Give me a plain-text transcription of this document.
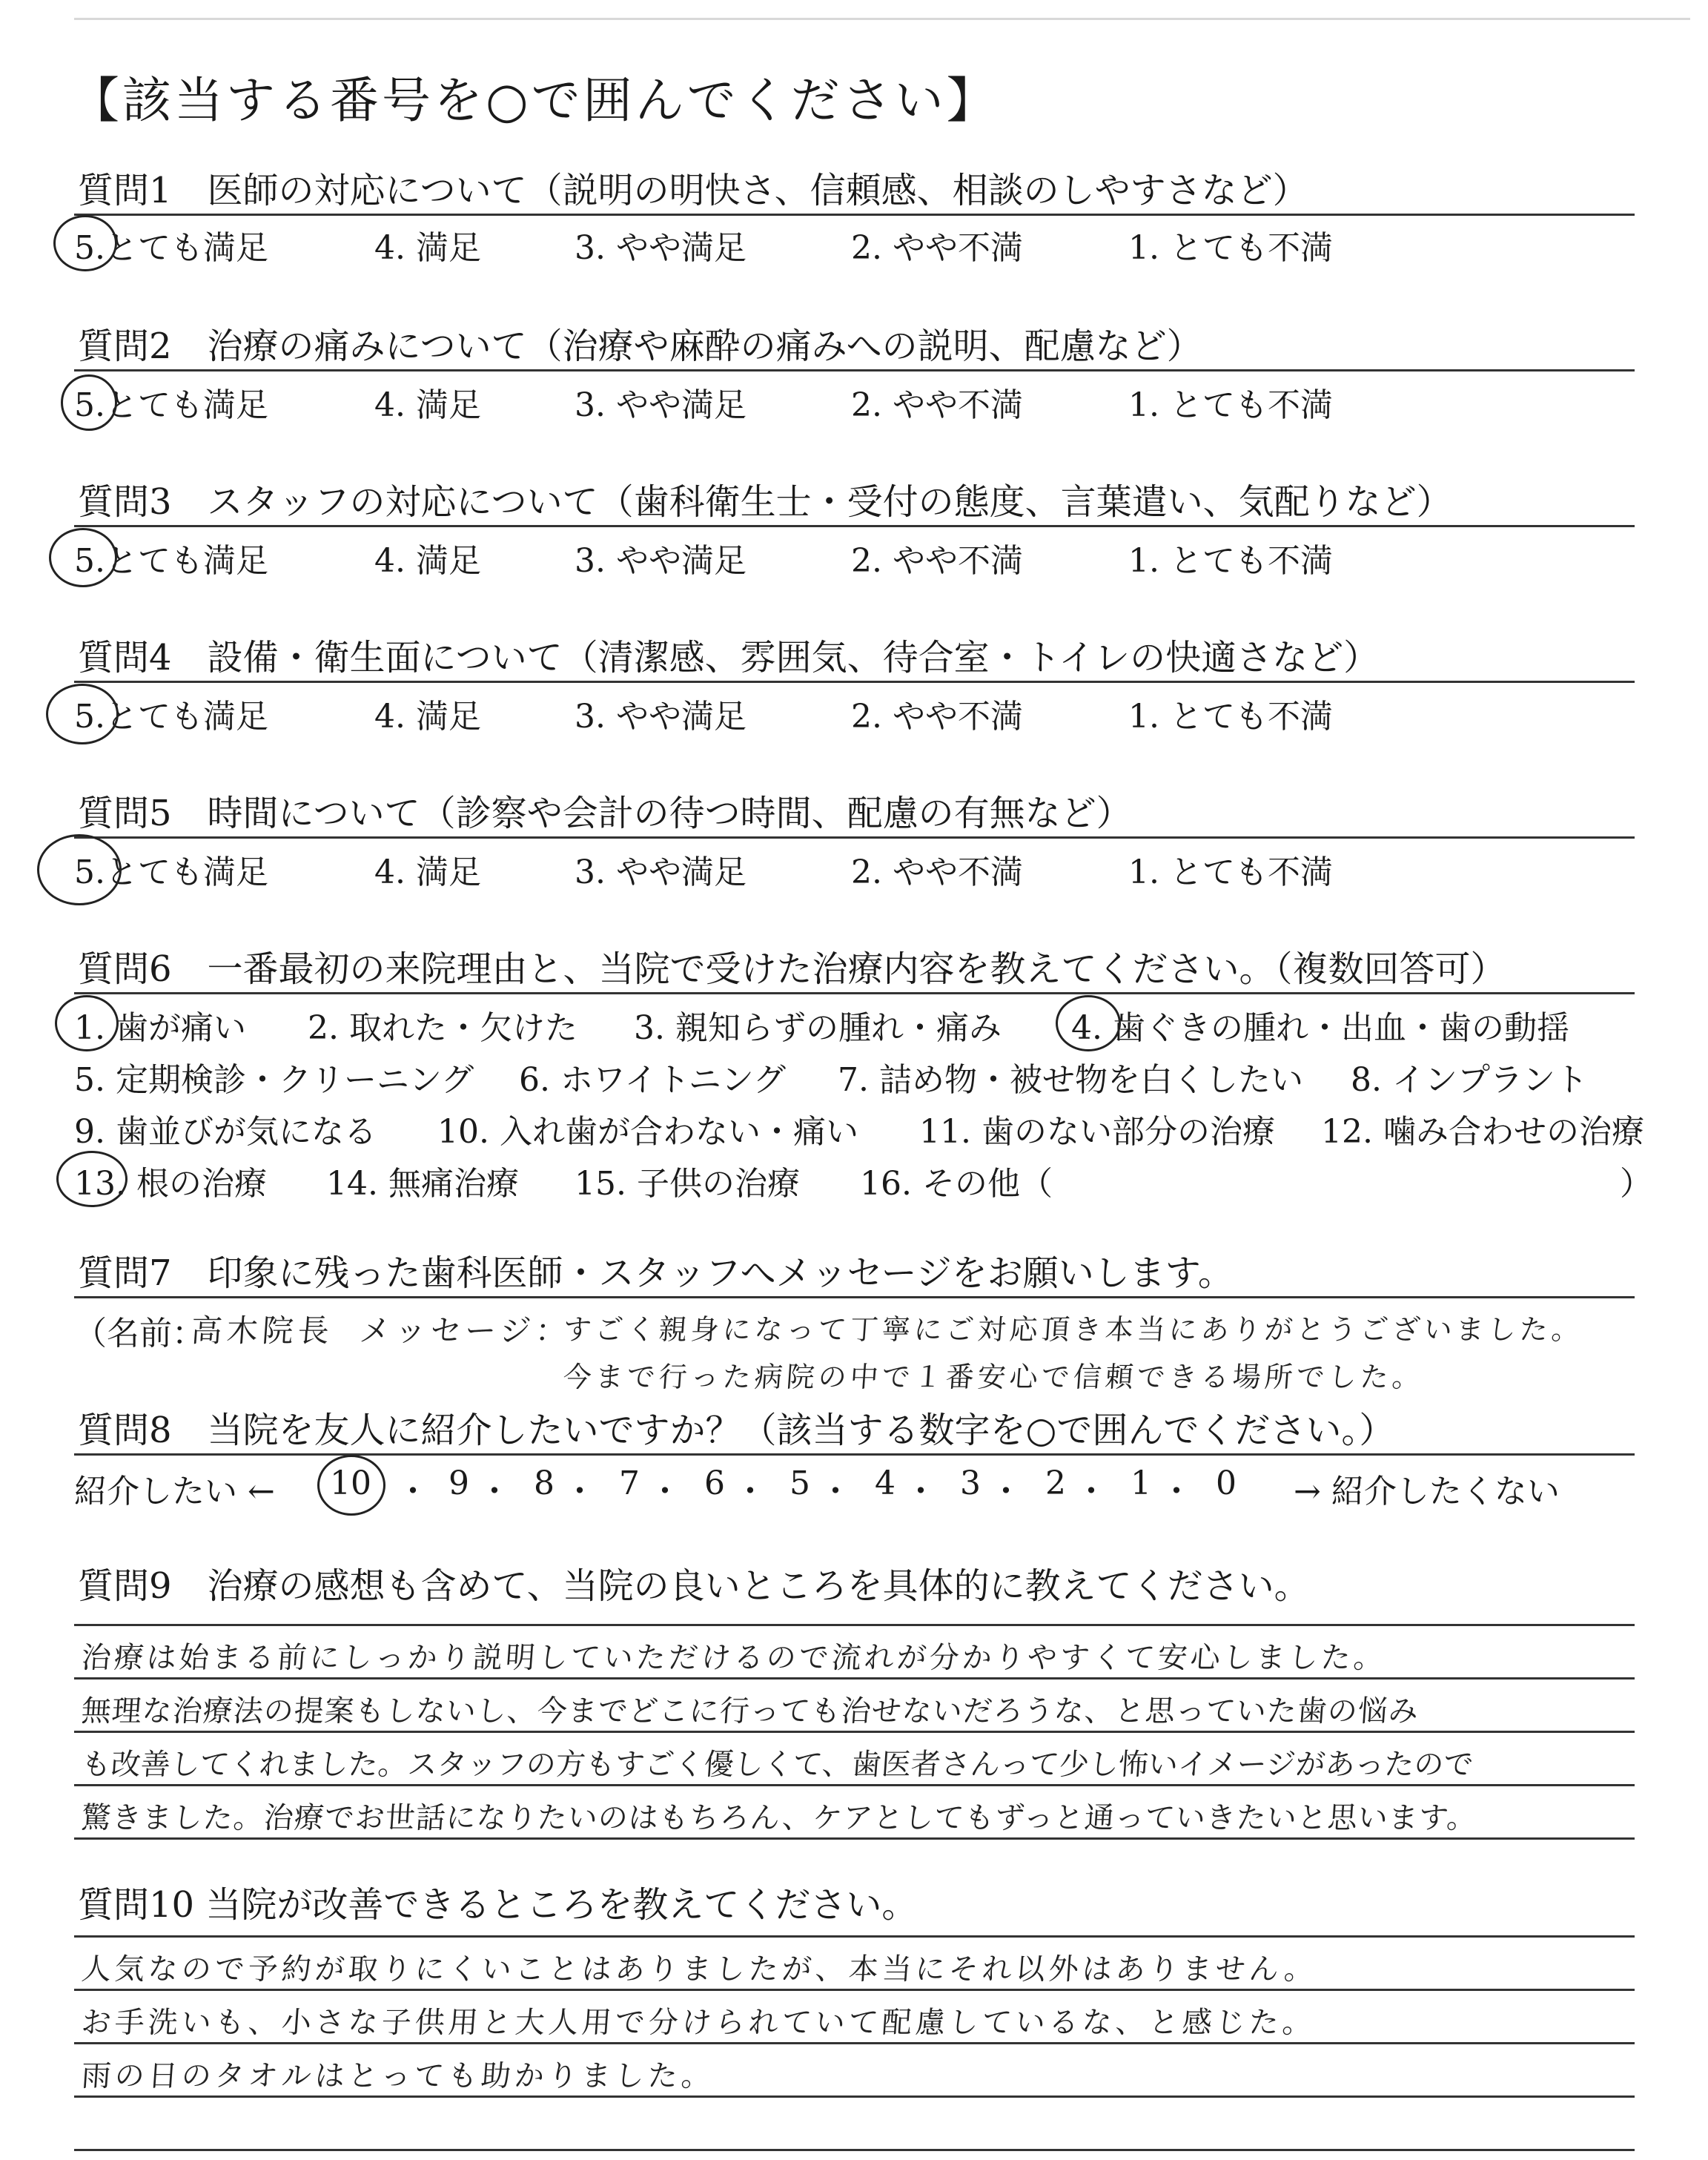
【該当する番号を○で囲んでください】
質問1　医師の対応について（説明の明快さ、信頼感、相談のしやすさなど）
5.とても満足	4. 満足	3. やや満足	2. やや不満	1. とても不満
質問2　治療の痛みについて（治療や麻酔の痛みへの説明、配慮など）
5.とても満足	4. 満足	3. やや満足	2. やや不満	1. とても不満
質問3　スタッフの対応について（歯科衛生士・受付の態度、言葉遣い、気配りなど）
5.とても満足	4. 満足	3. やや満足	2. やや不満	1. とても不満
質問4　設備・衛生面について（清潔感、雰囲気、待合室・トイレの快適さなど）
5.とても満足	4. 満足	3. やや満足	2. やや不満	1. とても不満
質問5　時間について（診察や会計の待つ時間、配慮の有無など）
5.とても満足	4. 満足	3. やや満足	2. やや不満	1. とても不満
質問6　一番最初の来院理由と、当院で受けた治療内容を教えてください。（複数回答可）
1. 歯が痛い 2. 取れた・欠けた 3. 親知らずの腫れ・痛み 4. 歯ぐきの腫れ・出血・歯の動揺
5. 定期検診・クリーニング 6. ホワイトニング 7. 詰め物・被せ物を白くしたい 8. インプラント
9. 歯並びが気になる 10. 入れ歯が合わない・痛い 11. 歯のない部分の治療 12. 噛み合わせの治療
13. 根の治療 14. 無痛治療 15. 子供の治療 16. その他（	）
質問7　印象に残った歯科医師・スタッフへメッセージをお願いします。
（名前：
高木院長 メッセージ：
すごく親身になって丁寧にご対応頂き本当にありがとうございました。
今まで行った病院の中で１番安心で信頼できる場所でした。
質問8　当院を友人に紹介したいですか？（該当する数字を○で囲んでください。）
紹介したい ← 10 ・ 9 ・ 8 ・ 7 ・ 6 ・ 5 ・ 4 ・ 3 ・ 2 ・ 1 ・ 0 → 紹介したくない
質問9　治療の感想も含めて、当院の良いところを具体的に教えてください。
治療は始まる前にしっかり説明していただけるので流れが分かりやすくて安心しました。
無理な治療法の提案もしないし、今までどこに行っても治せないだろうな、と思っていた歯の悩み
も改善してくれました。スタッフの方もすごく優しくて、歯医者さんって少し怖いイメージがあったので
驚きました。治療でお世話になりたいのはもちろん、ケアとしてもずっと通っていきたいと思います。
質問10 当院が改善できるところを教えてください。
人気なので予約が取りにくいことはありましたが、本当にそれ以外はありません。
お手洗いも、小さな子供用と大人用で分けられていて配慮しているな、と感じた。
雨の日のタオルはとっても助かりました。
